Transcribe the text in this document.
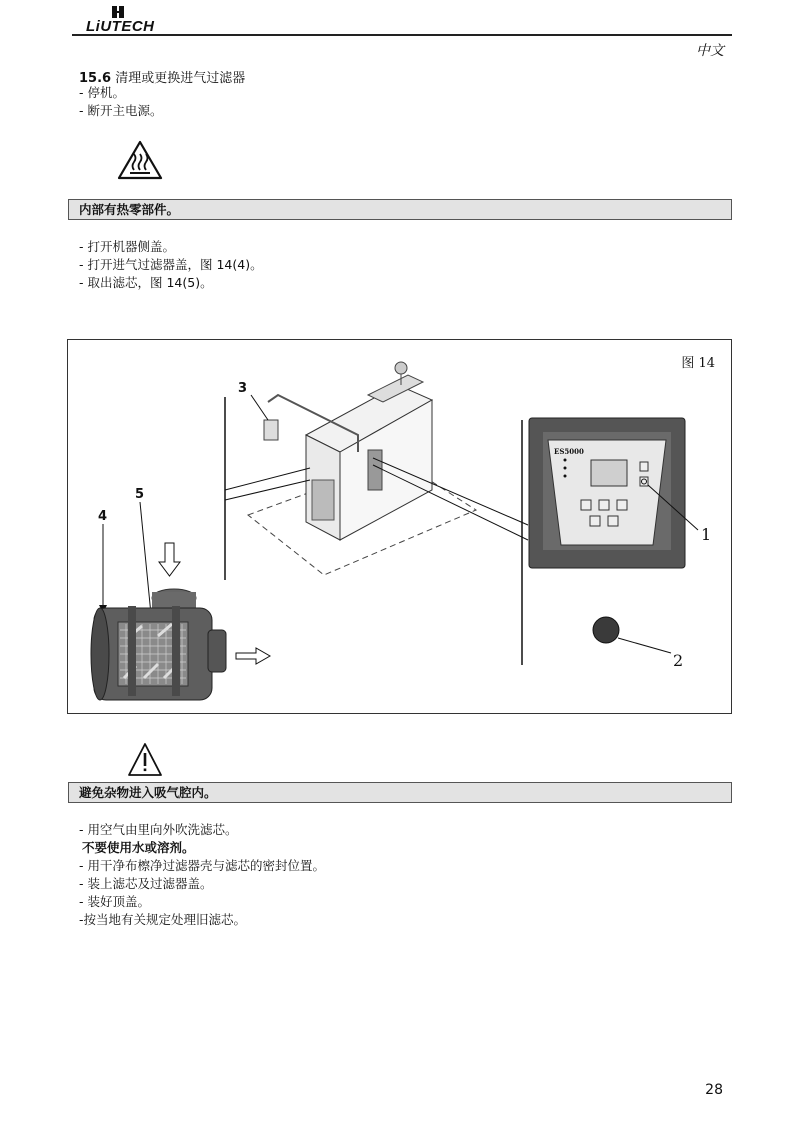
LiUTECH
中文
15.6 清理或更换进气过滤器
- 停机。
- 断开主电源。
内部有热零部件。
- 打开机器侧盖。
- 打开进气过滤器盖，图 14(4)。
- 取出滤芯，图 14(5)。
图 14
ES5000
1
2
3
5
4
避免杂物进入吸气腔内。
- 用空气由里向外吹洗滤芯。
不要使用水或溶剂。
- 用干净布檫净过滤器壳与滤芯的密封位置。
- 装上滤芯及过滤器盖。
- 装好顶盖。
-按当地有关规定处理旧滤芯。
28
